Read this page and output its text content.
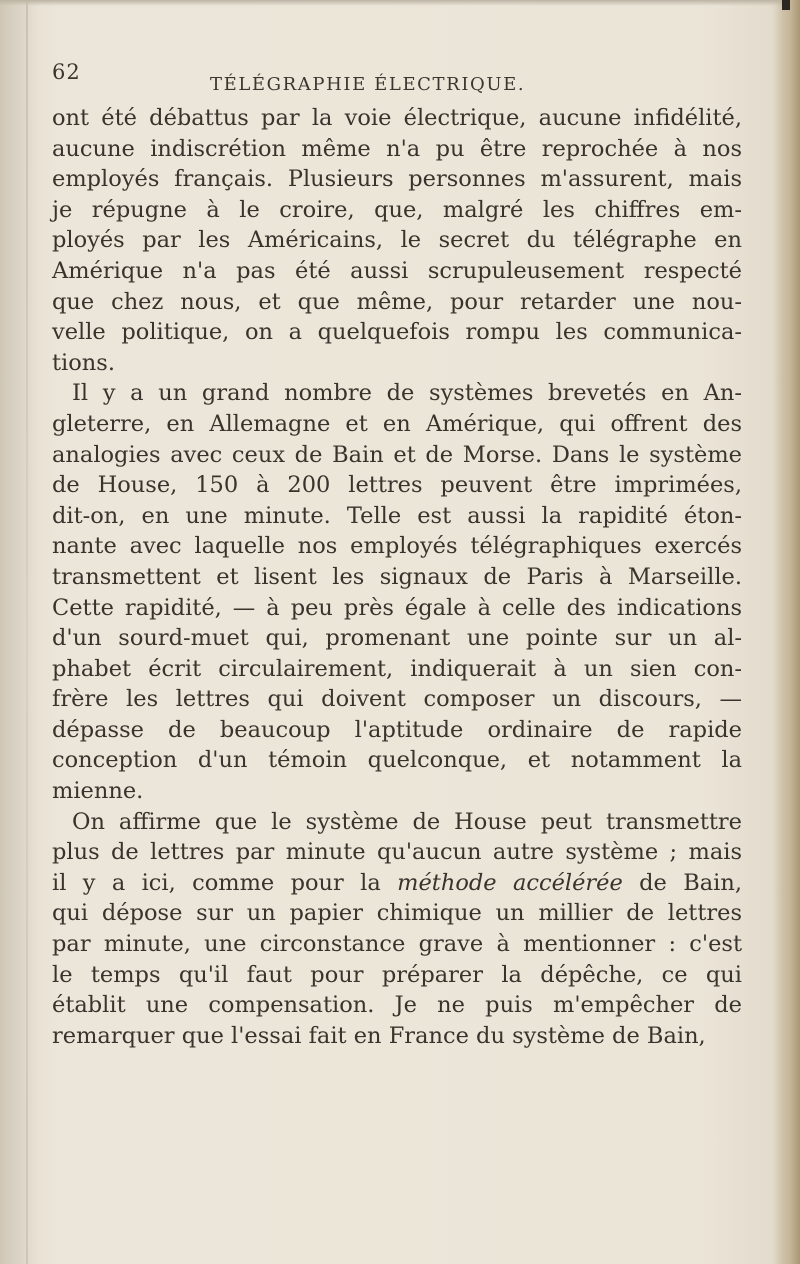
62
TÉLÉGRAPHIE ÉLECTRIQUE.
ont été débattus par la voie électrique, aucune infidélité,
aucune indiscrétion même n'a pu être reprochée à nos
employés français. Plusieurs personnes m'assurent, mais
je répugne à le croire, que, malgré les chiffres em-
ployés par les Américains, le secret du télégraphe en
Amérique n'a pas été aussi scrupuleusement respecté
que chez nous, et que même, pour retarder une nou-
velle politique, on a quelquefois rompu les communica-
tions.
Il y a un grand nombre de systèmes brevetés en An-
gleterre, en Allemagne et en Amérique, qui offrent des
analogies avec ceux de Bain et de Morse. Dans le système
de House, 150 à 200 lettres peuvent être imprimées,
dit-on, en une minute. Telle est aussi la rapidité éton-
nante avec laquelle nos employés télégraphiques exercés
transmettent et lisent les signaux de Paris à Marseille.
Cette rapidité, — à peu près égale à celle des indications
d'un sourd-muet qui, promenant une pointe sur un al-
phabet écrit circulairement, indiquerait à un sien con-
frère les lettres qui doivent composer un discours, —
dépasse de beaucoup l'aptitude ordinaire de rapide
conception d'un témoin quelconque, et notamment la
mienne.
On affirme que le système de House peut transmettre
plus de lettres par minute qu'aucun autre système ; mais
il y a ici, comme pour la méthode accélérée de Bain,
qui dépose sur un papier chimique un millier de lettres
par minute, une circonstance grave à mentionner : c'est
le temps qu'il faut pour préparer la dépêche, ce qui
établit une compensation. Je ne puis m'empêcher de
remarquer que l'essai fait en France du système de Bain,
